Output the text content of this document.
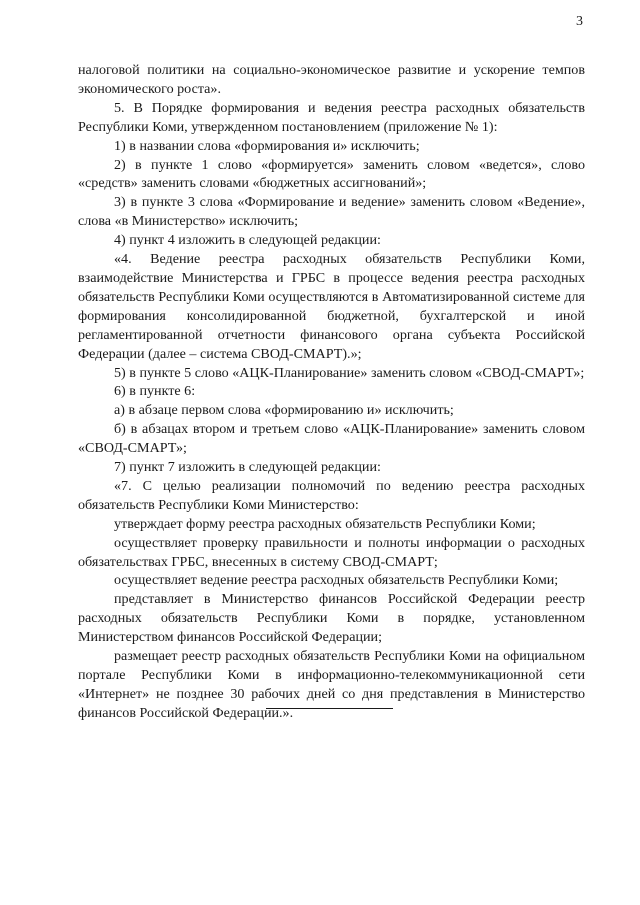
3

налоговой политики на социально-экономическое развитие и ускорение темпов экономического роста».

5. В Порядке формирования и ведения реестра расходных обязательств Республики Коми, утвержденном постановлением (приложение № 1):

1) в названии слова «формирования и» исключить;

2) в пункте 1 слово «формируется» заменить словом «ведется», слово «средств» заменить словами «бюджетных ассигнований»;

3) в пункте 3 слова «Формирование и ведение» заменить словом «Ведение», слова «в Министерство» исключить;

4) пункт 4 изложить в следующей редакции:

«4. Ведение реестра расходных обязательств Республики Коми, взаимодействие Министерства и ГРБС в процессе ведения реестра расходных обязательств Республики Коми осуществляются в Автоматизированной системе для формирования консолидированной бюджетной, бухгалтерской и иной регламентированной отчетности финансового органа субъекта Российской Федерации (далее – система СВОД-СМАРТ).»;

5) в пункте 5 слово «АЦК-Планирование» заменить словом «СВОД-СМАРТ»;

6) в пункте 6:

а) в абзаце первом слова «формированию и» исключить;

б) в абзацах втором и третьем слово «АЦК-Планирование» заменить словом «СВОД-СМАРТ»;

7) пункт 7 изложить в следующей редакции:

«7. С целью реализации полномочий по ведению реестра расходных обязательств Республики Коми Министерство:

утверждает форму реестра расходных обязательств Республики Коми;

осуществляет проверку правильности и полноты информации о расходных обязательствах ГРБС, внесенных в систему СВОД-СМАРТ;

осуществляет ведение реестра расходных обязательств Республики Коми;

представляет в Министерство финансов Российской Федерации реестр расходных обязательств Республики Коми в порядке, установленном Министерством финансов Российской Федерации;

размещает реестр расходных обязательств Республики Коми на официальном портале Республики Коми в информационно-телекоммуникационной сети «Интернет» не позднее 30 рабочих дней со дня представления в Министерство финансов Российской Федерации.».
